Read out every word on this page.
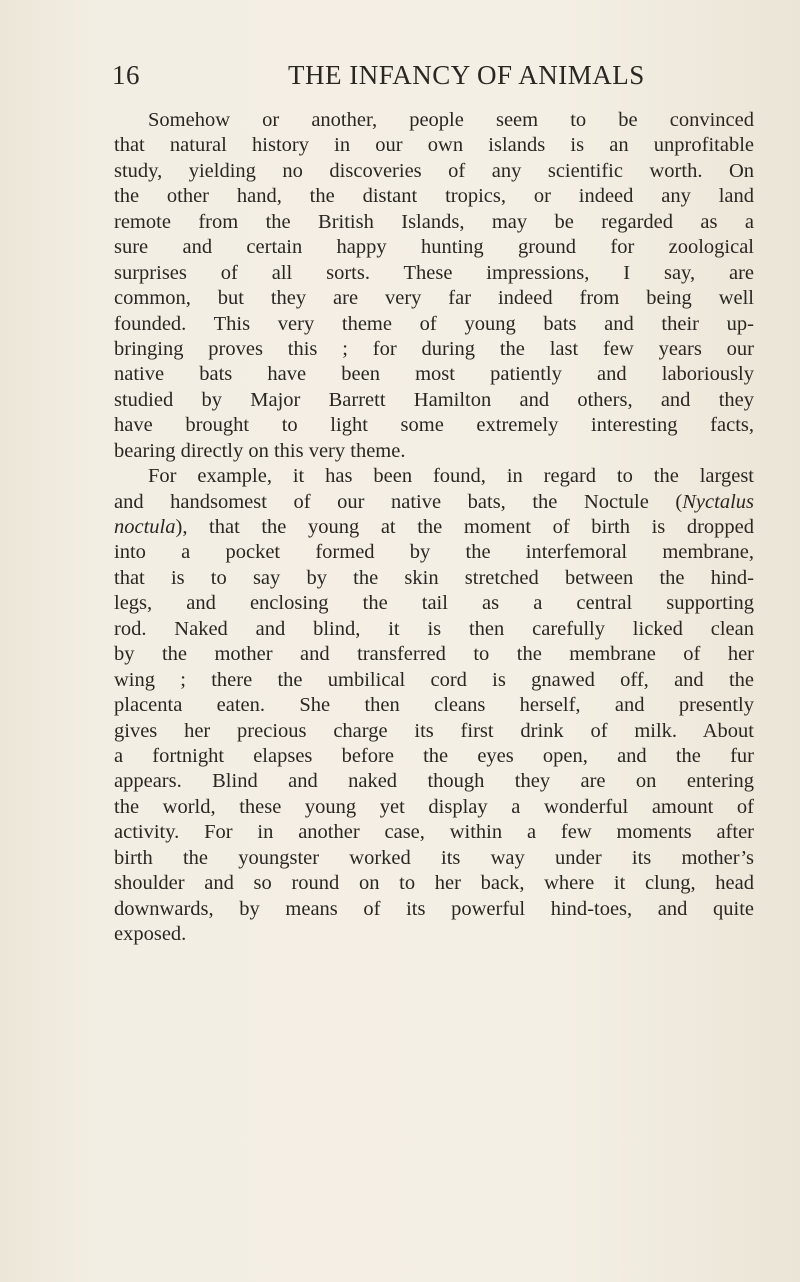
16	THE INFANCY OF ANIMALS
Somehow or another, people seem to be convinced
that natural history in our own islands is an unprofitable
study, yielding no discoveries of any scientific worth. On
the other hand, the distant tropics, or indeed any land
remote from the British Islands, may be regarded as a
sure and certain happy hunting ground for zoological
surprises of all sorts. These impressions, I say, are
common, but they are very far indeed from being well
founded. This very theme of young bats and their up-
bringing proves this ; for during the last few years our
native bats have been most patiently and laboriously
studied by Major Barrett Hamilton and others, and they
have brought to light some extremely interesting facts,
bearing directly on this very theme.
For example, it has been found, in regard to the largest
and handsomest of our native bats, the Noctule (Nyctalus
noctula), that the young at the moment of birth is dropped
into a pocket formed by the interfemoral membrane,
that is to say by the skin stretched between the hind-
legs, and enclosing the tail as a central supporting
rod. Naked and blind, it is then carefully licked clean
by the mother and transferred to the membrane of her
wing ; there the umbilical cord is gnawed off, and the
placenta eaten. She then cleans herself, and presently
gives her precious charge its first drink of milk. About
a fortnight elapses before the eyes open, and the fur
appears. Blind and naked though they are on entering
the world, these young yet display a wonderful amount of
activity. For in another case, within a few moments after
birth the youngster worked its way under its mother’s
shoulder and so round on to her back, where it clung, head
downwards, by means of its powerful hind-toes, and quite
exposed.
